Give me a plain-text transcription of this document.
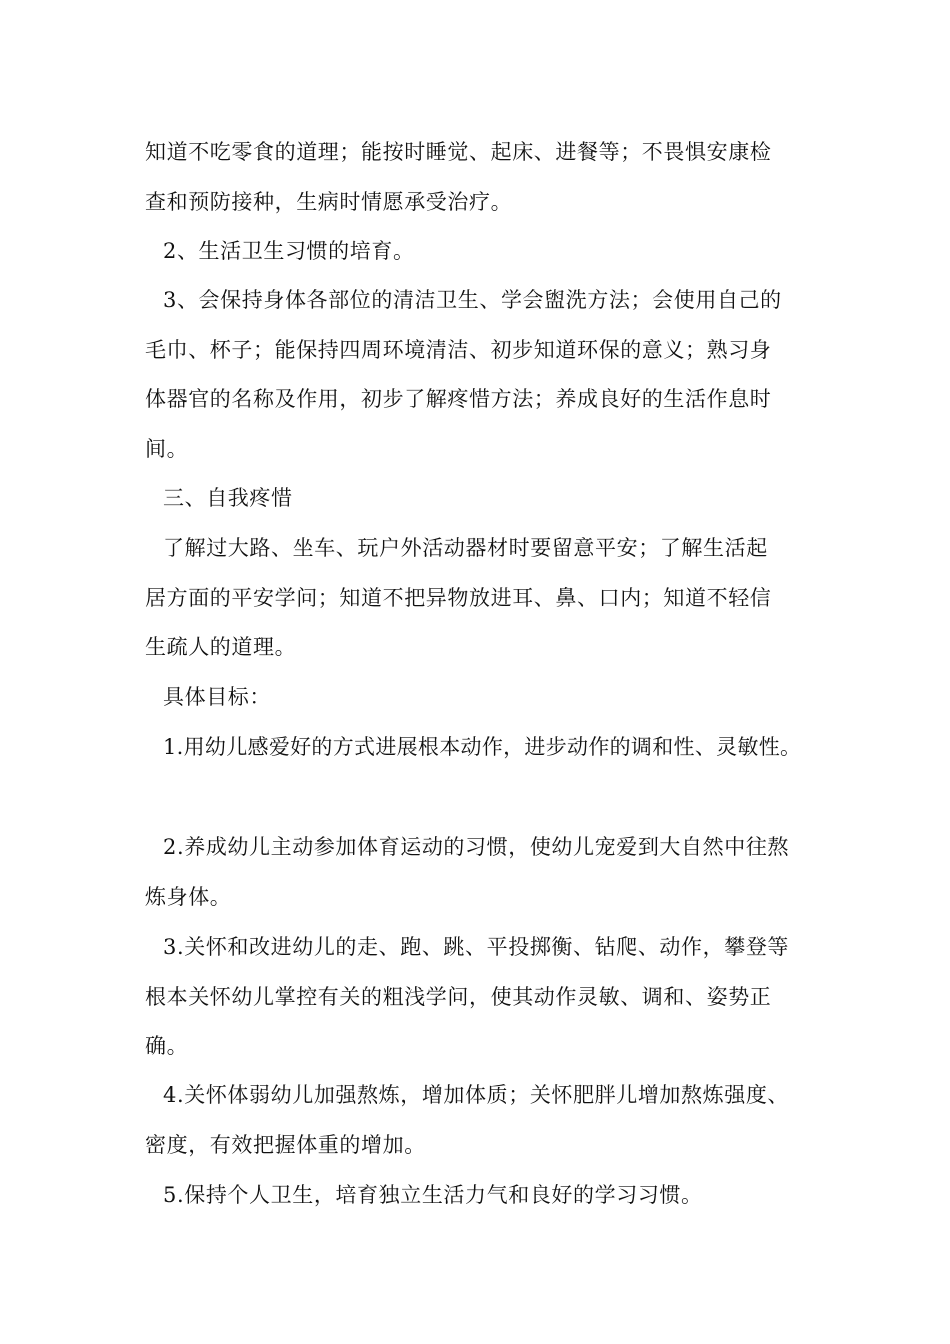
知道不吃零食的道理；能按时睡觉、起床、进餐等；不畏惧安康检
查和预防接种，生病时情愿承受治疗。
2、生活卫生习惯的培育。
3、会保持身体各部位的清洁卫生、学会盥洗方法；会使用自己的
毛巾、杯子；能保持四周环境清洁、初步知道环保的意义；熟习身
体器官的名称及作用，初步了解疼惜方法；养成良好的生活作息时
间。
三、自我疼惜
了解过大路、坐车、玩户外活动器材时要留意平安；了解生活起
居方面的平安学问；知道不把异物放进耳、鼻、口内；知道不轻信
生疏人的道理。
具体目标：
1.用幼儿感爱好的方式进展根本动作，进步动作的调和性、灵敏性。
2.养成幼儿主动参加体育运动的习惯，使幼儿宠爱到大自然中往熬
炼身体。
3.关怀和改进幼儿的走、跑、跳、平投掷衡、钻爬、动作，攀登等
根本关怀幼儿掌控有关的粗浅学问，使其动作灵敏、调和、姿势正
确。
4.关怀体弱幼儿加强熬炼，增加体质；关怀肥胖儿增加熬炼强度、
密度，有效把握体重的增加。
5.保持个人卫生，培育独立生活力气和良好的学习习惯。
